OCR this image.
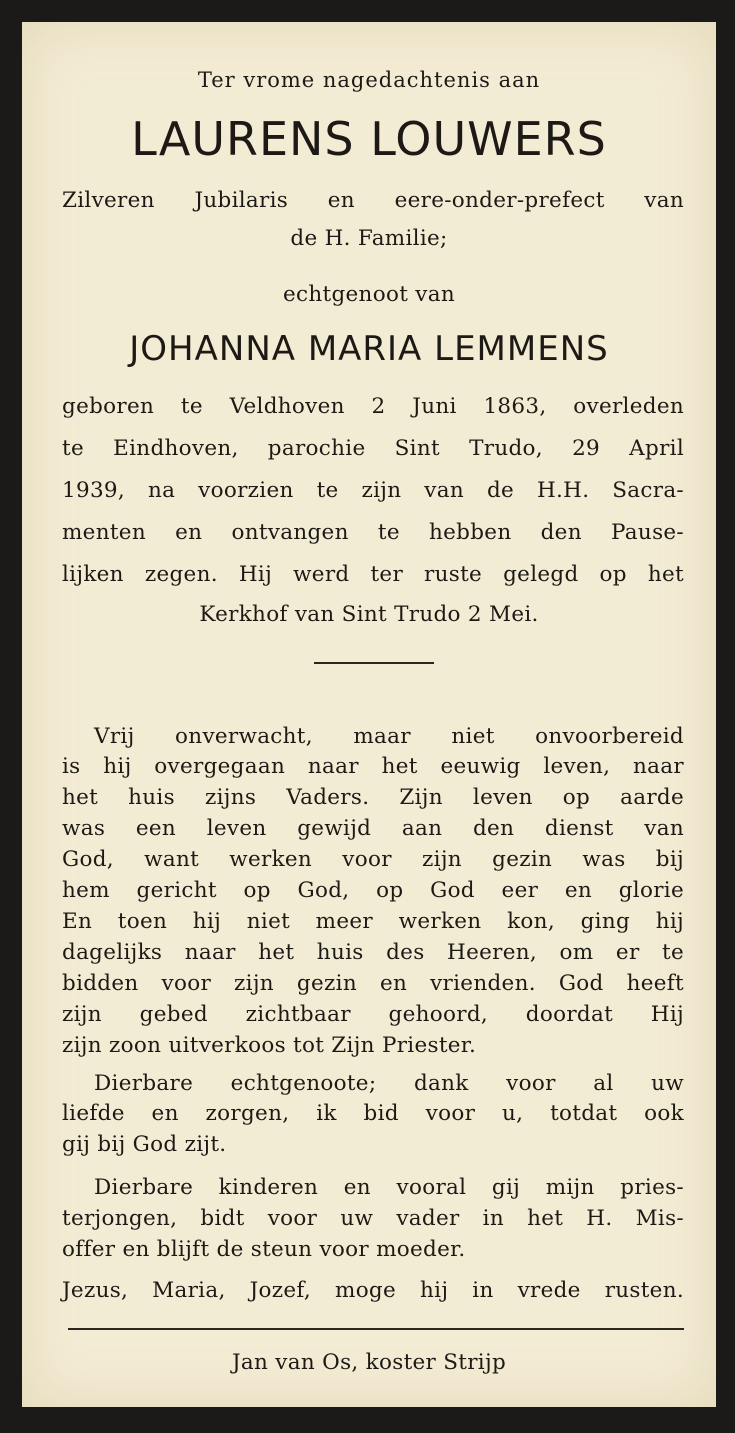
Ter vrome nagedachtenis aan

LAURENS LOUWERS

Zilveren Jubilaris en eere-onder-prefect van

de H. Familie;

echtgenoot van

JOHANNA MARIA LEMMENS

geboren te Veldhoven 2 Juni 1863, overleden

te Eindhoven, parochie Sint Trudo, 29 April

1939, na voorzien te zijn van de H.H. Sacra-

menten en ontvangen te hebben den Pause-

lijken zegen. Hij werd ter ruste gelegd op het

Kerkhof van Sint Trudo 2 Mei.

Vrij onverwacht, maar niet onvoorbereid

is hij overgegaan naar het eeuwig leven, naar

het huis zijns Vaders. Zijn leven op aarde

was een leven gewijd aan den dienst van

God, want werken voor zijn gezin was bij

hem gericht op God, op God eer en glorie

En toen hij niet meer werken kon, ging hij

dagelijks naar het huis des Heeren, om er te

bidden voor zijn gezin en vrienden. God heeft

zijn gebed zichtbaar gehoord, doordat Hij

zijn zoon uitverkoos tot Zijn Priester.

Dierbare echtgenoote; dank voor al uw

liefde en zorgen, ik bid voor u, totdat ook

gij bij God zijt.

Dierbare kinderen en vooral gij mijn pries-

terjongen, bidt voor uw vader in het H. Mis-

offer en blijft de steun voor moeder.

Jezus, Maria, Jozef, moge hij in vrede rusten.

Jan van Os, koster Strijp
